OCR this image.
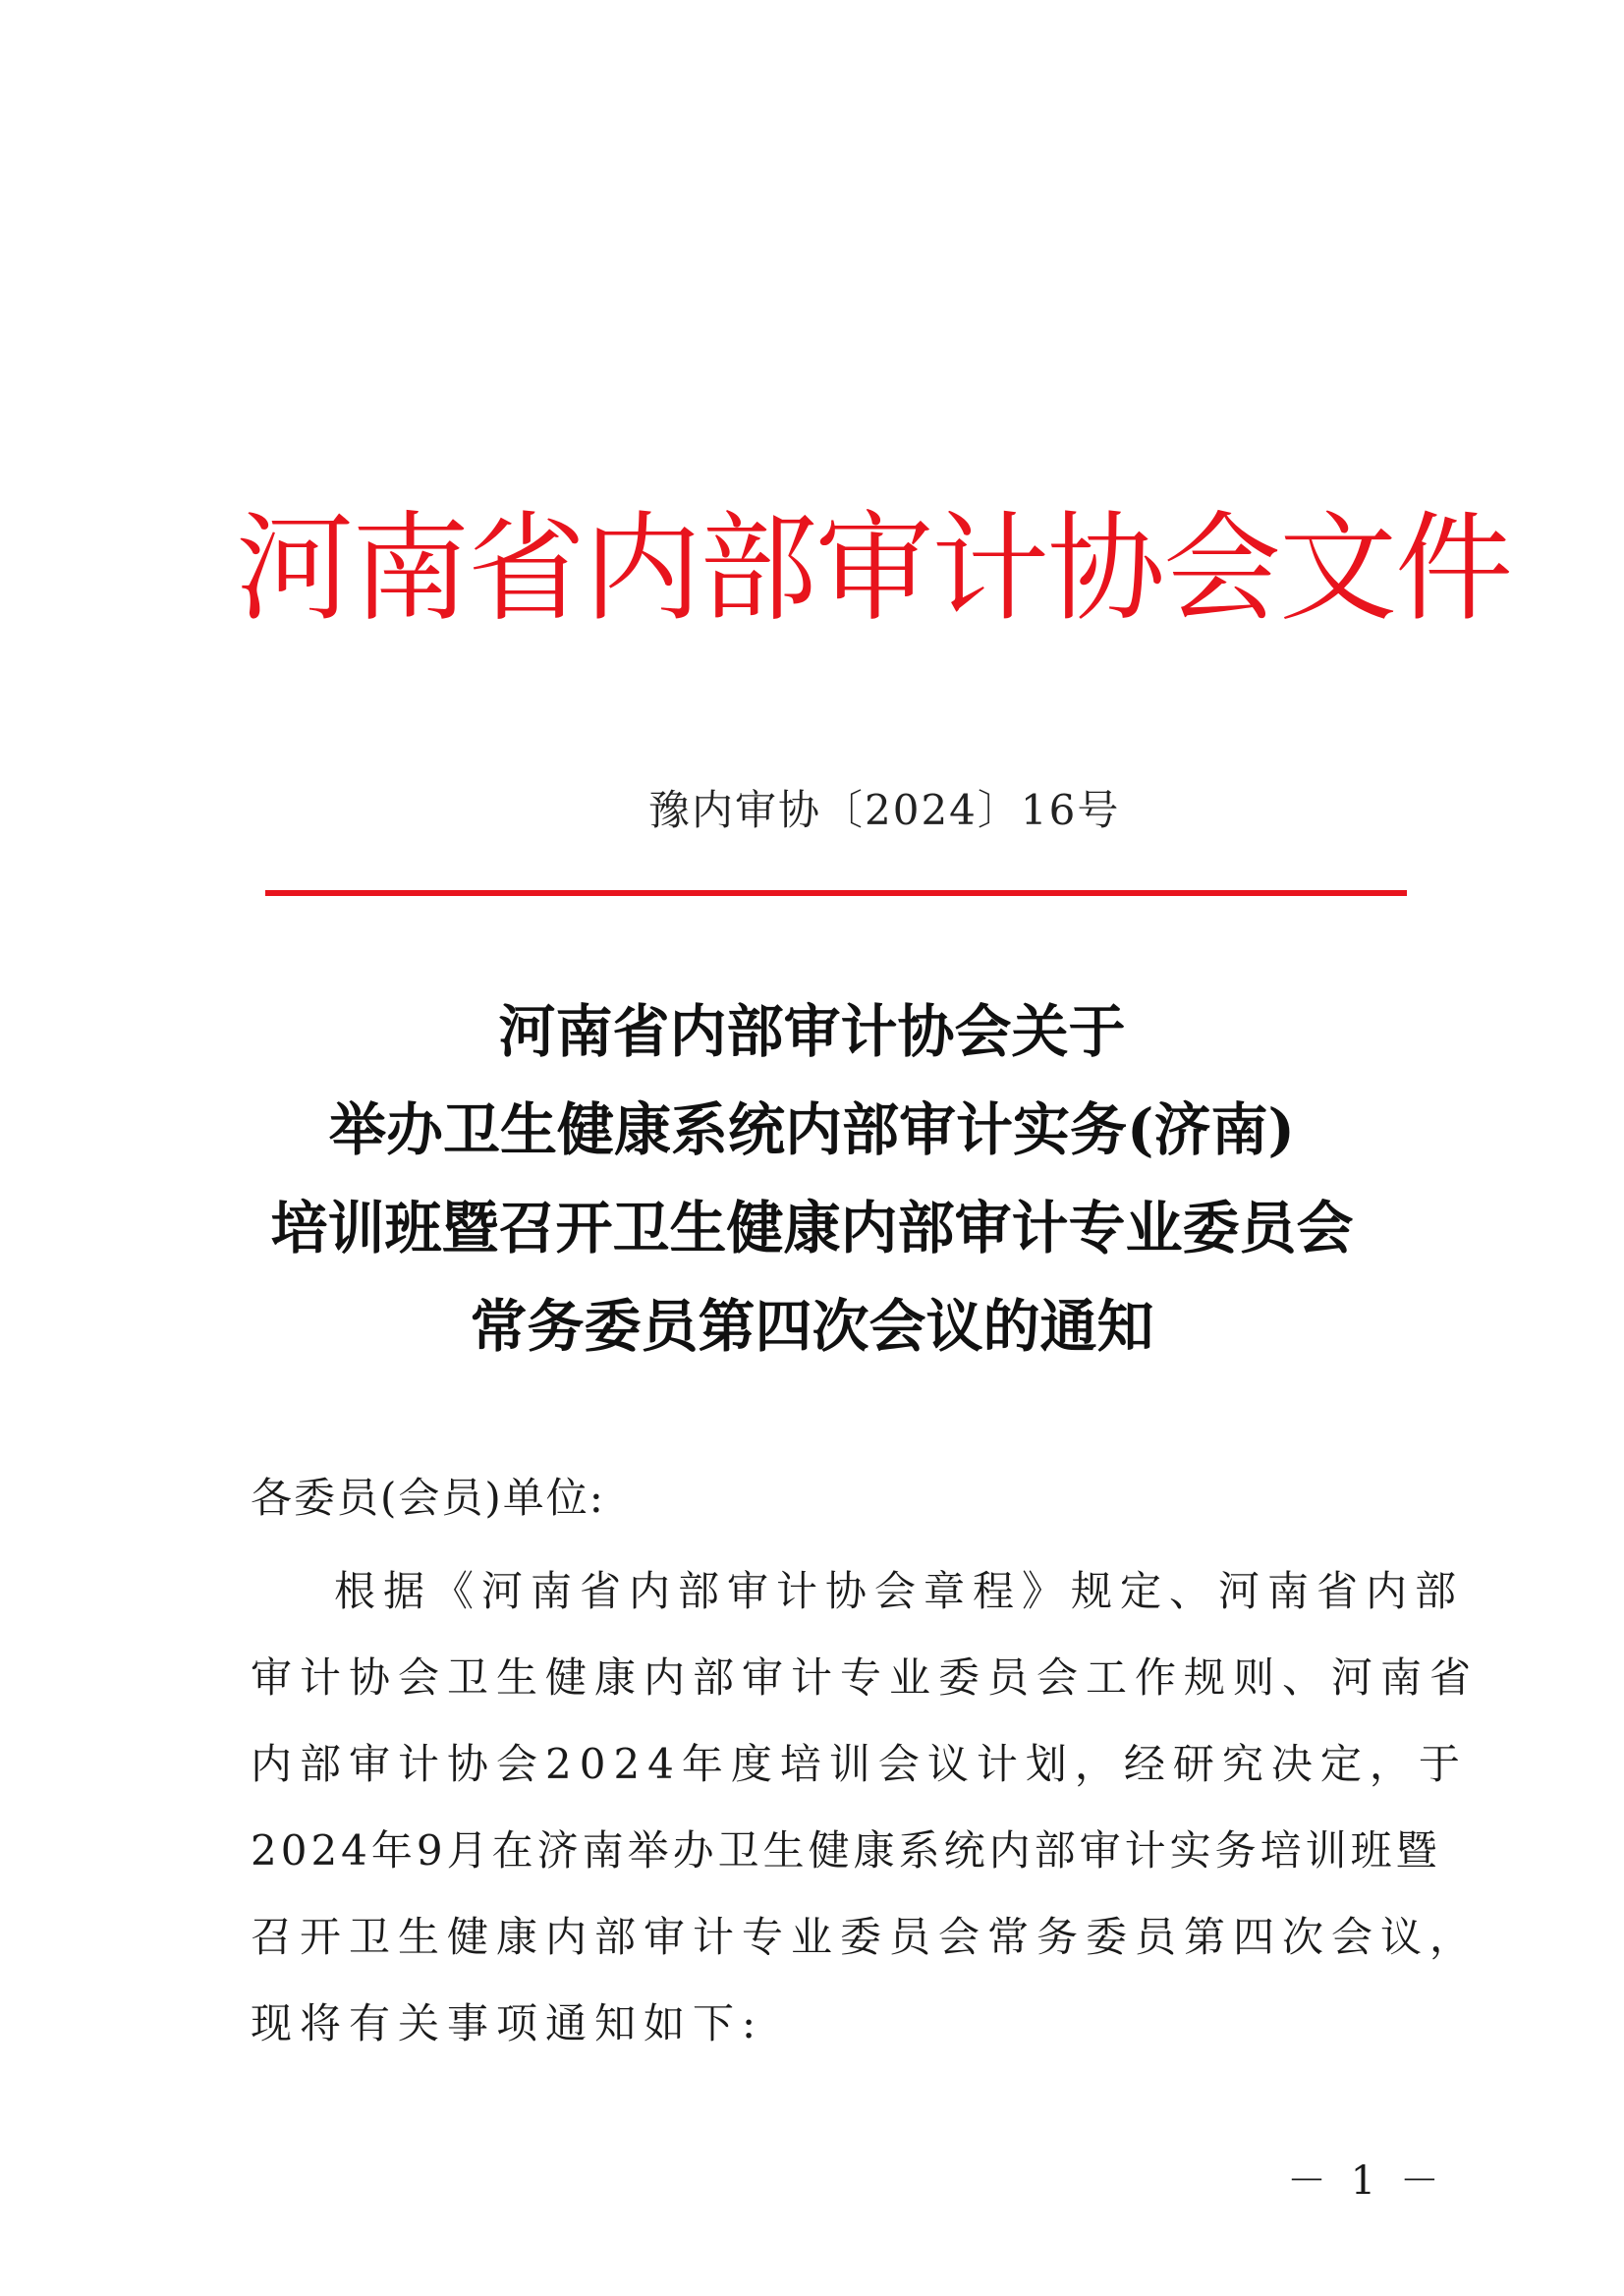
河南省内部审计协会文件
豫内审协〔2024〕16号
河南省内部审计协会关于
举办卫生健康系统内部审计实务(济南)
培训班暨召开卫生健康内部审计专业委员会
常务委员第四次会议的通知
各委员(会员)单位:
根据《河南省内部审计协会章程》规定、河南省内部
审计协会卫生健康内部审计专业委员会工作规则、河南省
内部审计协会2024年度培训会议计划，经研究决定，于
2024年9月在济南举办卫生健康系统内部审计实务培训班暨
召开卫生健康内部审计专业委员会常务委员第四次会议，
现将有关事项通知如下:
－ 1 －
